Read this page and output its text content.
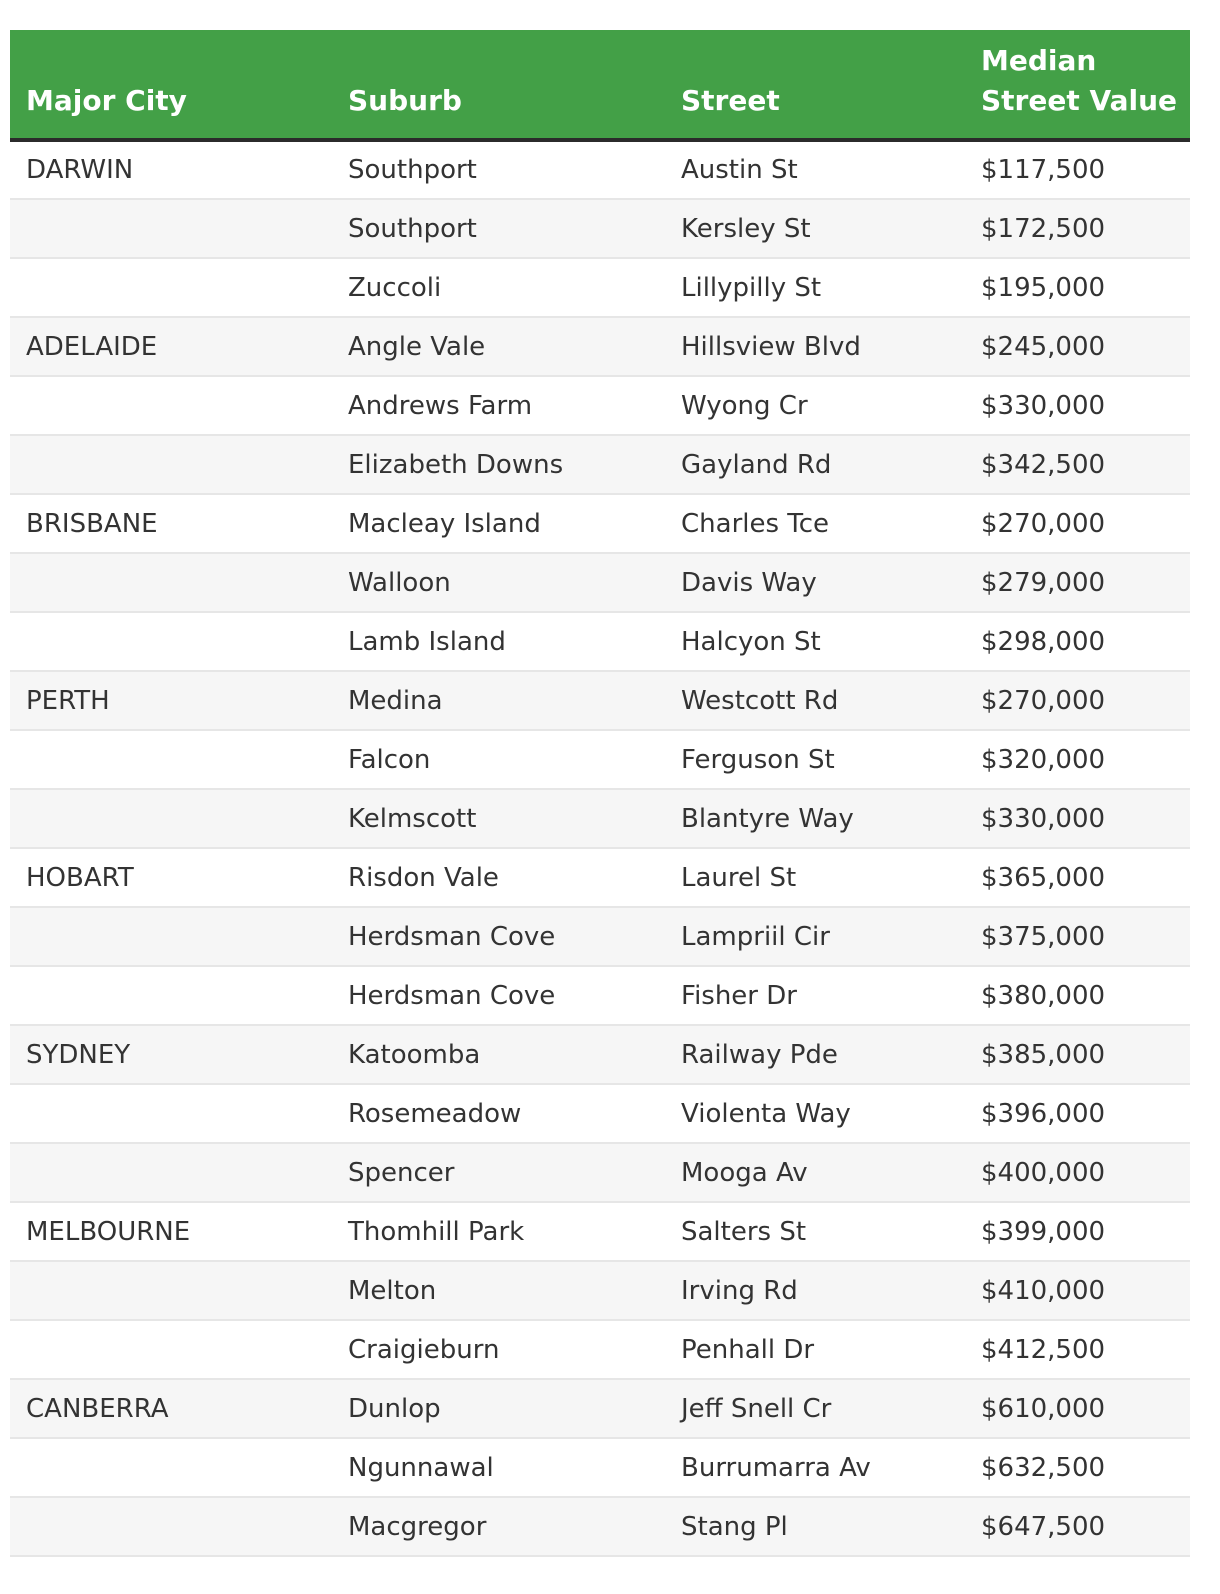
Major City	Suburb	Street	Median Street Value
DARWIN	Southport	Austin St	$117,500
	Southport	Kersley St	$172,500
	Zuccoli	Lillypilly St	$195,000
ADELAIDE	Angle Vale	Hillsview Blvd	$245,000
	Andrews Farm	Wyong Cr	$330,000
	Elizabeth Downs	Gayland Rd	$342,500
BRISBANE	Macleay Island	Charles Tce	$270,000
	Walloon	Davis Way	$279,000
	Lamb Island	Halcyon St	$298,000
PERTH	Medina	Westcott Rd	$270,000
	Falcon	Ferguson St	$320,000
	Kelmscott	Blantyre Way	$330,000
HOBART	Risdon Vale	Laurel St	$365,000
	Herdsman Cove	Lampriil Cir	$375,000
	Herdsman Cove	Fisher Dr	$380,000
SYDNEY	Katoomba	Railway Pde	$385,000
	Rosemeadow	Violenta Way	$396,000
	Spencer	Mooga Av	$400,000
MELBOURNE	Thomhill Park	Salters St	$399,000
	Melton	Irving Rd	$410,000
	Craigieburn	Penhall Dr	$412,500
CANBERRA	Dunlop	Jeff Snell Cr	$610,000
	Ngunnawal	Burrumarra Av	$632,500
	Macgregor	Stang Pl	$647,500
